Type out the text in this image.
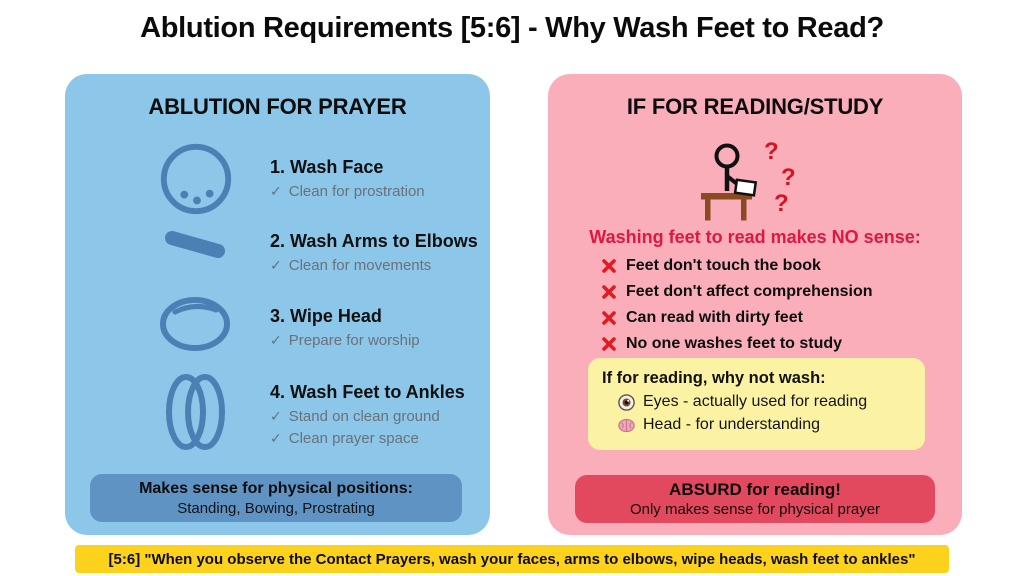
Ablution Requirements [5:6] - Why Wash Feet to Read?
ABLUTION FOR PRAYER
1. Wash Face
✓ Clean for prostration
2. Wash Arms to Elbows
✓ Clean for movements
3. Wipe Head
✓ Prepare for worship
4. Wash Feet to Ankles
✓ Stand on clean ground
✓ Clean prayer space
Makes sense for physical positions:
Standing, Bowing, Prostrating
IF FOR READING/STUDY
?
?
?
Washing feet to read makes NO sense:
Feet don't touch the book
Feet don't affect comprehension
Can read with dirty feet
No one washes feet to study
If for reading, why not wash:
Eyes - actually used for reading
Head - for understanding
ABSURD for reading!
Only makes sense for physical prayer
[5:6] "When you observe the Contact Prayers, wash your faces, arms to elbows, wipe heads, wash feet to ankles"
